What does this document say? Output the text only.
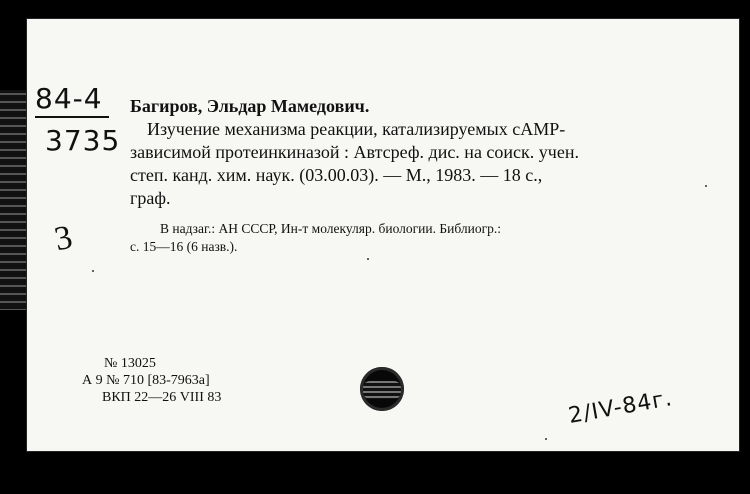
84-4
3735
3
Багиров, Эльдар Мамедович.
Изучение механизма реакции, катализируемых cAMP-
зависимой протеинкиназой : Автсреф. дис. на соиск. учен.
степ. канд. хим. наук. (03.00.03). — М., 1983. — 18 с.,
граф.
В надзаг.: АН СССР, Ин-т молекуляр. биологии. Библиогр.:
с. 15—16 (6 назв.).
№ 13025
А 9 № 710 [83-7963а]
ВКП 22—26 VIII 83	2/IV-84г.
